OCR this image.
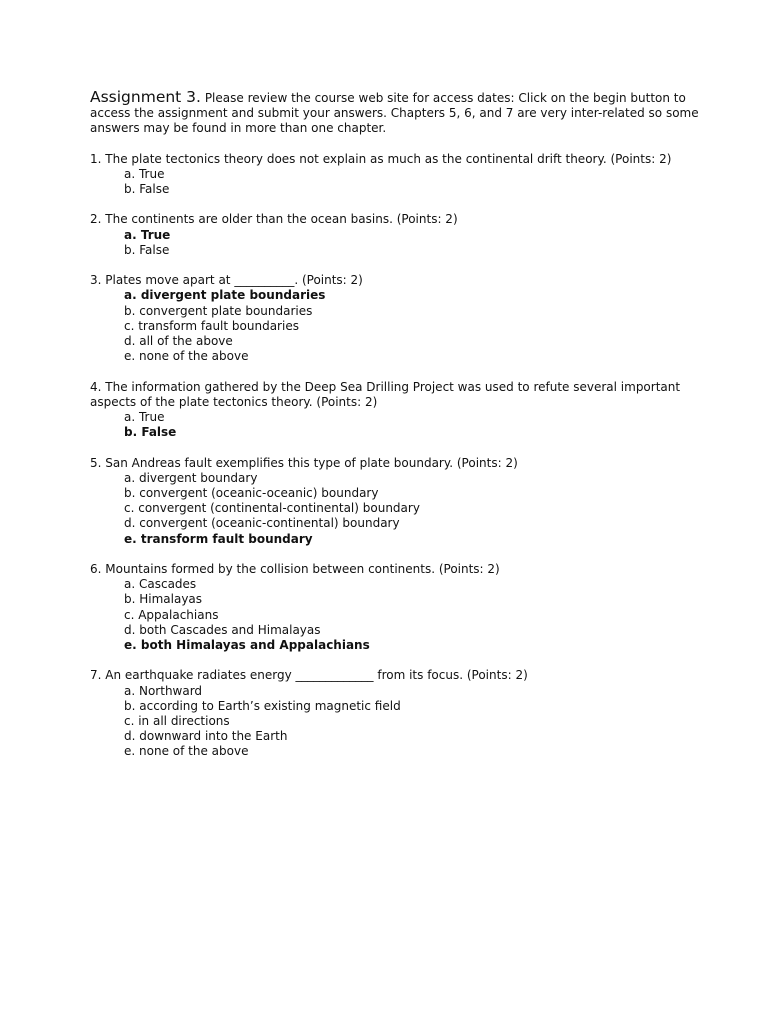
Assignment 3. Please review the course web site for access dates: Click on the begin button to access the assignment and submit your answers. Chapters 5, 6, and 7 are very inter-related so some answers may be found in more than one chapter.

1. The plate tectonics theory does not explain as much as the continental drift theory. (Points: 2)

a. True
b. False

2. The continents are older than the ocean basins. (Points: 2)

a. True
b. False

3. Plates move apart at __________. (Points: 2)

a. divergent plate boundaries
b. convergent plate boundaries
c. transform fault boundaries
d. all of the above
e. none of the above

4. The information gathered by the Deep Sea Drilling Project was used to refute several important aspects of the plate tectonics theory. (Points: 2)

a. True
b. False

5. San Andreas fault exemplifies this type of plate boundary. (Points: 2)

a. divergent boundary
b. convergent (oceanic-oceanic) boundary
c. convergent (continental-continental) boundary
d. convergent (oceanic-continental) boundary
e. transform fault boundary

6. Mountains formed by the collision between continents. (Points: 2)

a. Cascades
b. Himalayas
c. Appalachians
d. both Cascades and Himalayas
e. both Himalayas and Appalachians

7. An earthquake radiates energy _____________ from its focus. (Points: 2)

a. Northward
b. according to Earth’s existing magnetic field
c. in all directions
d. downward into the Earth
e. none of the above
